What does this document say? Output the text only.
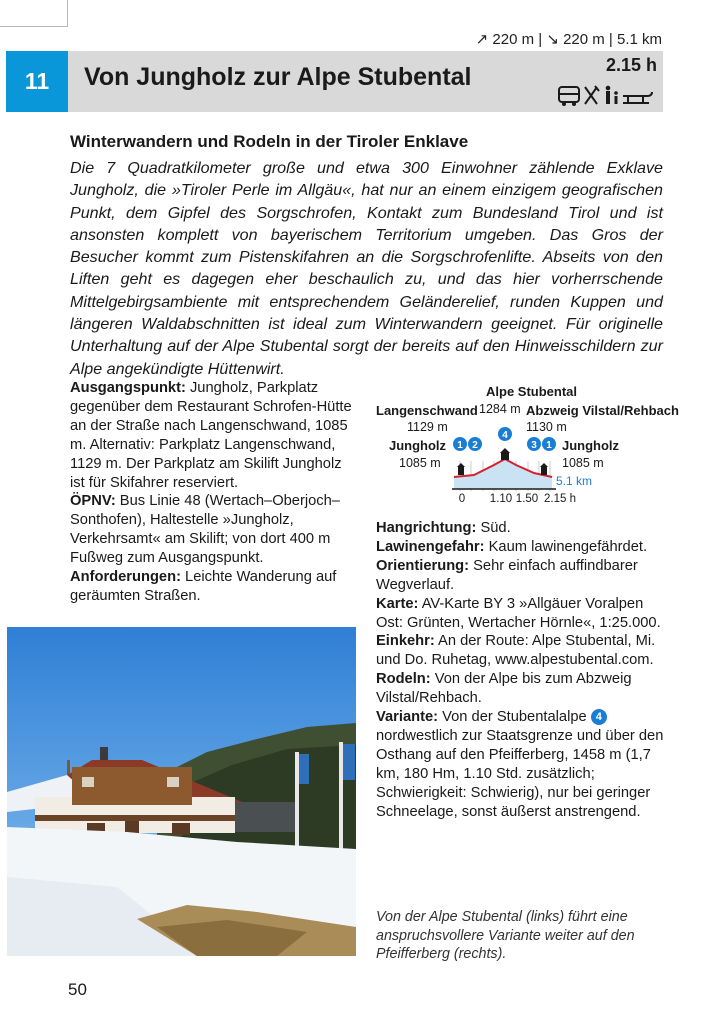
↗ 220 m | ↘ 220 m | 5.1 km
11	Von Jungholz zur Alpe Stubental	2.15 h
Winterwandern und Rodeln in der Tiroler Enklave

Die 7 Quadratkilometer große und etwa 300 Einwohner zählende Exklave Jungholz, die »Tiroler Perle im Allgäu«, hat nur an einem einzigem geografischen Punkt, dem Gipfel des Sorgschrofen, Kontakt zum Bundesland Tirol und ist ansonsten komplett von bayerischem Territorium umgeben. Das Gros der Besucher kommt zum Pistenskifahren an die Sorgschrofenlifte. Abseits von den Liften geht es dagegen eher beschaulich zu, und das hier vorherrschende Mittelgebirgsambiente mit entsprechendem Geländerelief, runden Kuppen und längeren Waldabschnitten ist ideal zum Winterwandern geeignet. Für originelle Unterhaltung auf der Alpe Stubental sorgt der bereits auf den Hinweisschildern zur Alpe angekündigte Hüttenwirt.

Ausgangspunkt: Jungholz, Parkplatz gegenüber dem Restaurant Schrofen-Hütte an der Straße nach Langenschwand, 1085 m. Alternativ: Parkplatz Langenschwand, 1129 m. Der Parkplatz am Skilift Jungholz ist für Skifahrer reserviert.
ÖPNV: Bus Linie 48 (Wertach–Oberjoch–Sonthofen), Haltestelle »Jungholz, Verkehrsamt« am Skilift; von dort 400 m Fußweg zum Ausgangspunkt.
Anforderungen: Leichte Wanderung auf geräumten Straßen.

Alpe Stubental
Langenschwand 1284 m Abzweig Vilstal/Rehbach
1129 m	1130 m
Jungholz
1085 m
Jungholz
1085 m
1 2
4
3 1
5.1 km
0 1.10 1.50 2.15 h

Hangrichtung: Süd.
Lawinengefahr: Kaum lawinengefährdet.
Orientierung: Sehr einfach auffindbarer Wegverlauf.
Karte: AV-Karte BY 3 »Allgäuer Voralpen Ost: Grünten, Wertacher Hörnle«, 1:25.000.
Einkehr: An der Route: Alpe Stubental, Mi. und Do. Ruhetag, www.alpestubental.com.
Rodeln: Von der Alpe bis zum Abzweig Vilstal/Rehbach.
Variante: Von der Stubentalalpe 4 nordwestlich zur Staatsgrenze und über den Osthang auf den Pfeifferberg, 1458 m (1,7 km, 180 Hm, 1.10 Std. zusätzlich; Schwierigkeit: Schwierig), nur bei geringer Schneelage, sonst äußerst anstrengend.

Von der Alpe Stubental (links) führt eine anspruchsvollere Variante weiter auf den Pfeifferberg (rechts).
50
